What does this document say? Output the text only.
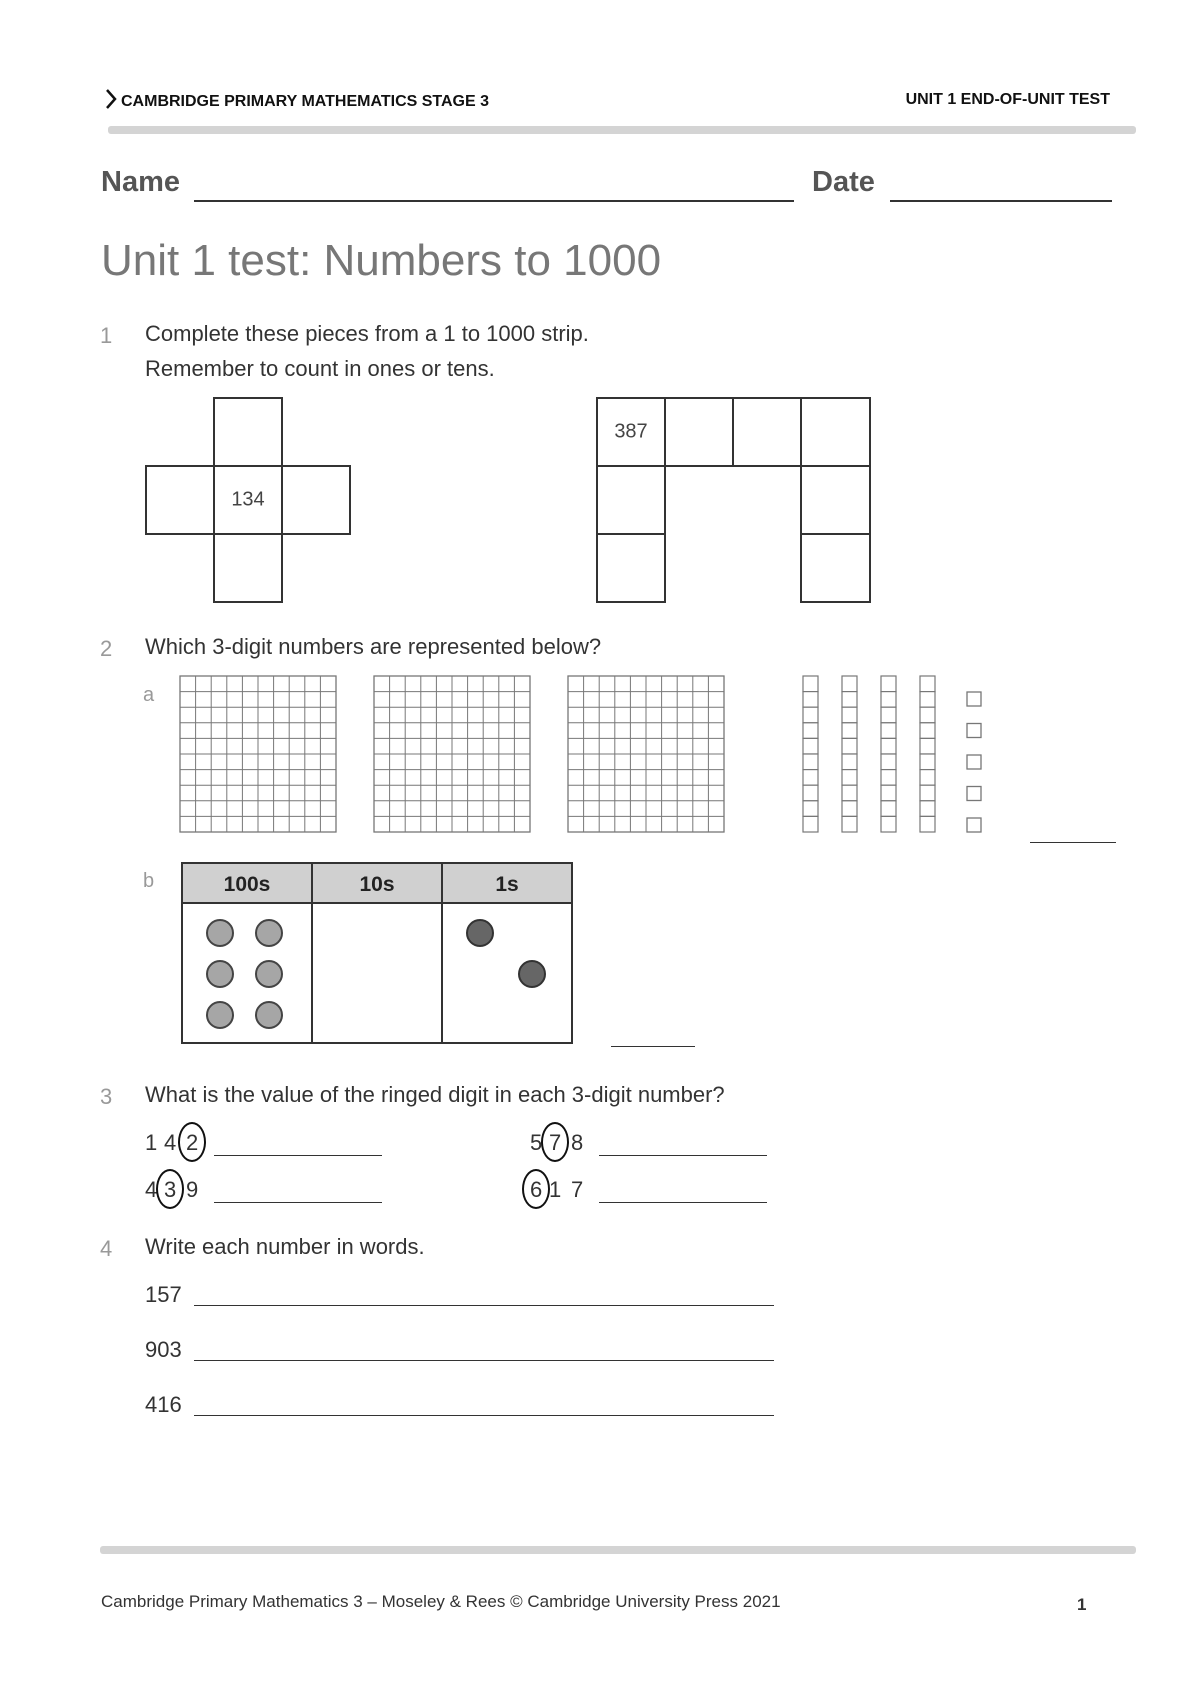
CAMBRIDGE PRIMARY MATHEMATICS STAGE 3	UNIT 1 END-OF-UNIT TEST
Name	Date
Unit 1 test: Numbers to 1000
1 Complete these pieces from a 1 to 1000 strip.
Remember to count in ones or tens.
134
387
2 Which 3-digit numbers are represented below?
a
b	100s	10s	1s
3 What is the value of the ringed digit in each 3-digit number?
1 4 2	5 7 8
4 3 9	6 1 7
4 Write each number in words.
157
903
416
Cambridge Primary Mathematics 3 – Moseley & Rees © Cambridge University Press 2021	1
